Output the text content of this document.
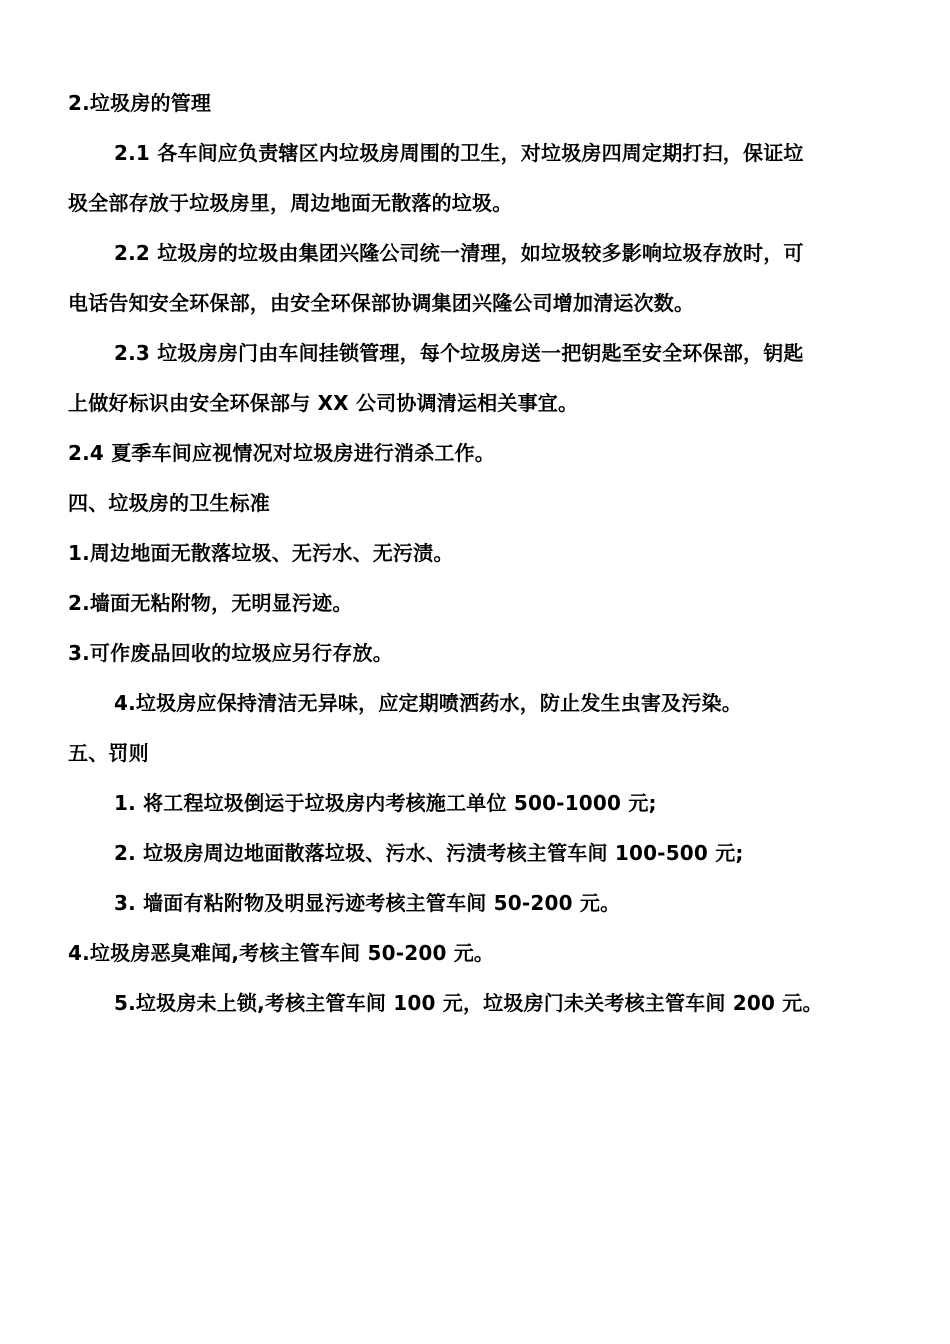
2.垃圾房的管理
2.1 各车间应负责辖区内垃圾房周围的卫生，对垃圾房四周定期打扫，保证垃
圾全部存放于垃圾房里，周边地面无散落的垃圾。
2.2 垃圾房的垃圾由集团兴隆公司统一清理，如垃圾较多影响垃圾存放时，可
电话告知安全环保部，由安全环保部协调集团兴隆公司增加清运次数。
2.3 垃圾房房门由车间挂锁管理，每个垃圾房送一把钥匙至安全环保部，钥匙
上做好标识由安全环保部与 XX 公司协调清运相关事宜。
2.4 夏季车间应视情况对垃圾房进行消杀工作。
四、垃圾房的卫生标准
1.周边地面无散落垃圾、无污水、无污渍。
2.墙面无粘附物，无明显污迹。
3.可作废品回收的垃圾应另行存放。
4.垃圾房应保持清洁无异味，应定期喷洒药水，防止发生虫害及污染。
五、罚则
1. 将工程垃圾倒运于垃圾房内考核施工单位 500-1000 元;
2. 垃圾房周边地面散落垃圾、污水、污渍考核主管车间 100-500 元;
3. 墙面有粘附物及明显污迹考核主管车间 50-200 元。
4.垃圾房恶臭难闻,考核主管车间 50-200 元。
5.垃圾房未上锁,考核主管车间 100 元，垃圾房门未关考核主管车间 200 元。
